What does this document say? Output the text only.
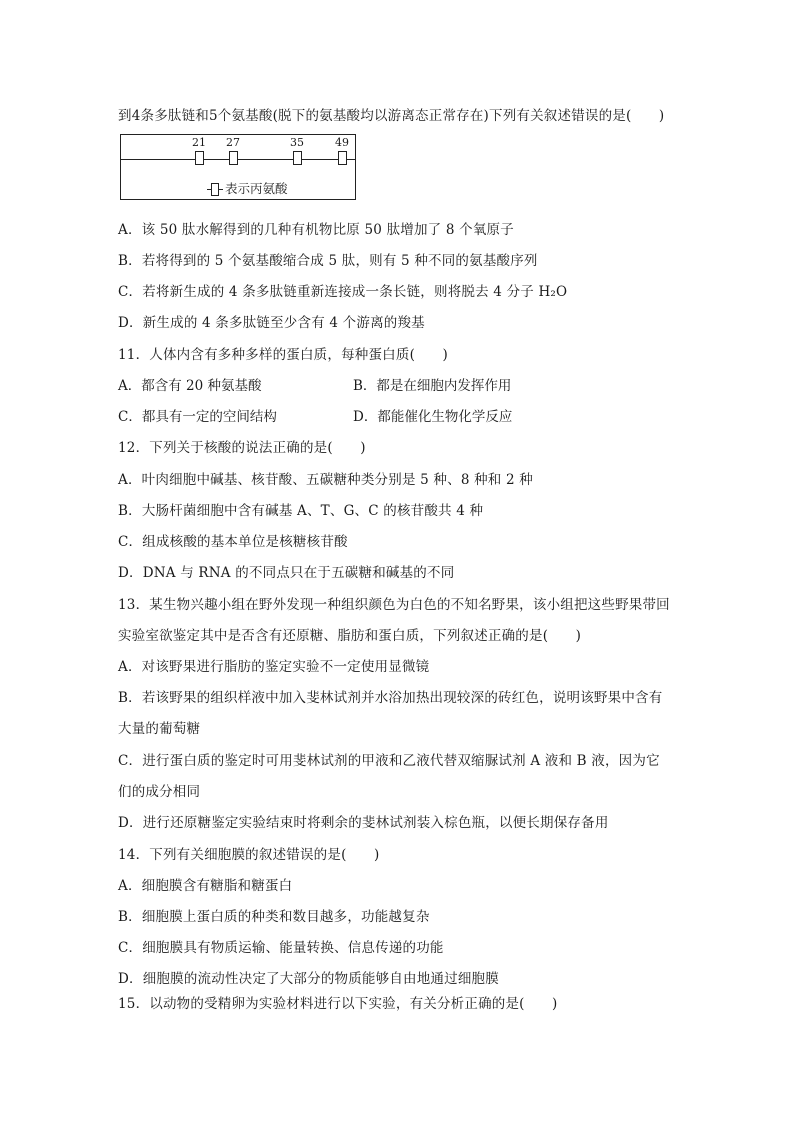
到4条多肽链和5个氨基酸(脱下的氨基酸均以游离态正常存在)下列有关叙述错误的是(　　)
21 27	35	49
表示丙氨酸
A．该 50 肽水解得到的几种有机物比原 50 肽增加了 8 个氧原子
B．若将得到的 5 个氨基酸缩合成 5 肽，则有 5 种不同的氨基酸序列
C．若将新生成的 4 条多肽链重新连接成一条长链，则将脱去 4 分子 H₂O
D．新生成的 4 条多肽链至少含有 4 个游离的羧基
11．人体内含有多种多样的蛋白质，每种蛋白质(　　)
A．都含有 20 种氨基酸	B．都是在细胞内发挥作用
C．都具有一定的空间结构	D．都能催化生物化学反应
12．下列关于核酸的说法正确的是(　　)
A．叶肉细胞中碱基、核苷酸、五碳糖种类分别是 5 种、8 种和 2 种
B．大肠杆菌细胞中含有碱基 A、T、G、C 的核苷酸共 4 种
C．组成核酸的基本单位是核糖核苷酸
D．DNA 与 RNA 的不同点只在于五碳糖和碱基的不同
13．某生物兴趣小组在野外发现一种组织颜色为白色的不知名野果，该小组把这些野果带回
实验室欲鉴定其中是否含有还原糖、脂肪和蛋白质，下列叙述正确的是(　　)
A．对该野果进行脂肪的鉴定实验不一定使用显微镜
B．若该野果的组织样液中加入斐林试剂并水浴加热出现较深的砖红色，说明该野果中含有
大量的葡萄糖
C．进行蛋白质的鉴定时可用斐林试剂的甲液和乙液代替双缩脲试剂 A 液和 B 液，因为它
们的成分相同
D．进行还原糖鉴定实验结束时将剩余的斐林试剂装入棕色瓶，以便长期保存备用
14．下列有关细胞膜的叙述错误的是(　　)
A．细胞膜含有糖脂和糖蛋白
B．细胞膜上蛋白质的种类和数目越多，功能越复杂
C．细胞膜具有物质运输、能量转换、信息传递的功能
D．细胞膜的流动性决定了大部分的物质能够自由地通过细胞膜
15．以动物的受精卵为实验材料进行以下实验，有关分析正确的是(　　)
